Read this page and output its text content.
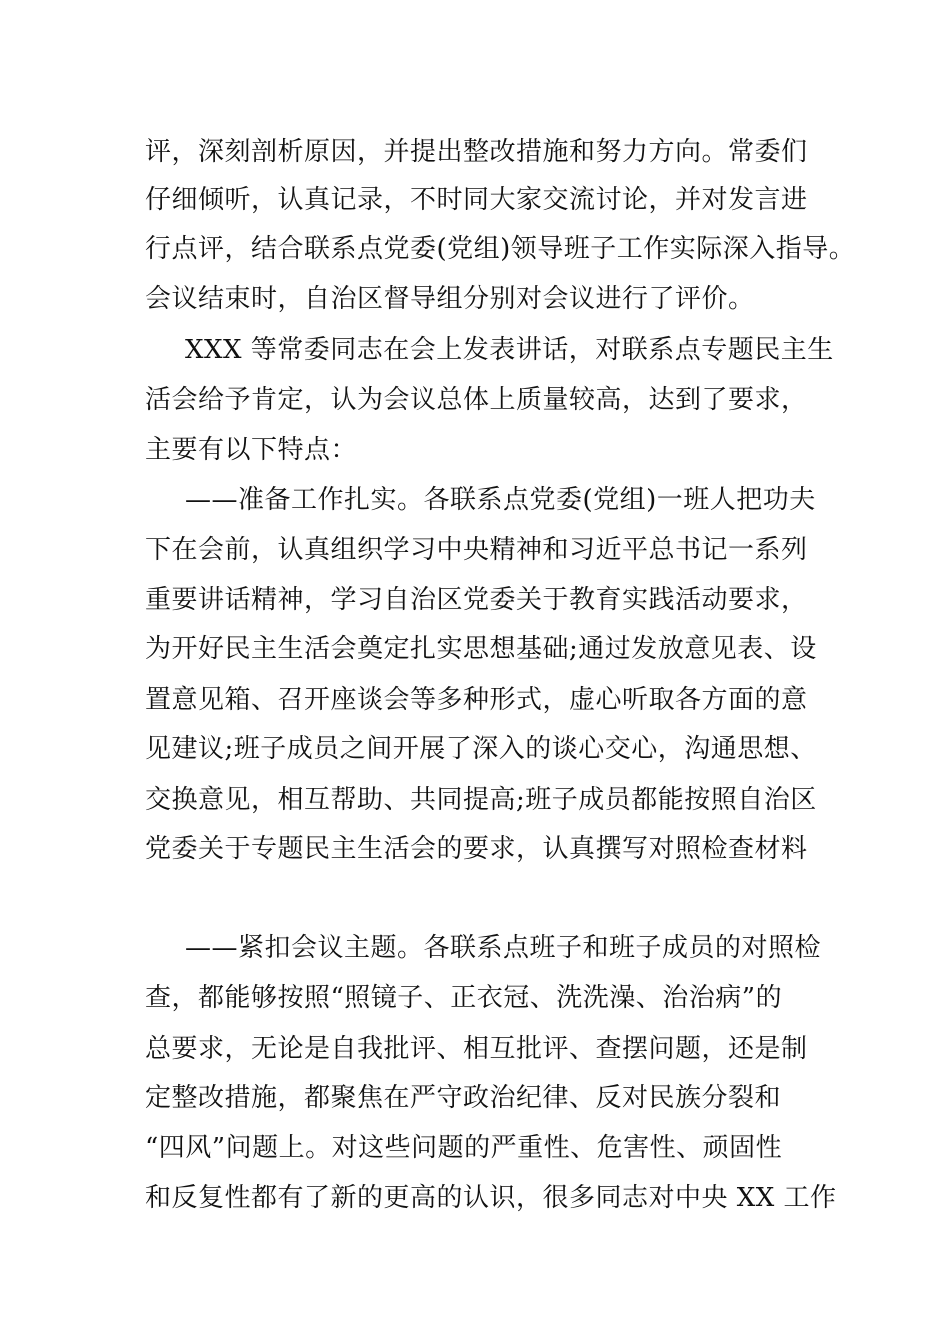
评，深刻剖析原因，并提出整改措施和努力方向。常委们
仔细倾听，认真记录，不时同大家交流讨论，并对发言进
行点评，结合联系点党委(党组)领导班子工作实际深入指导。
会议结束时，自治区督导组分别对会议进行了评价。
XXX 等常委同志在会上发表讲话，对联系点专题民主生
活会给予肯定，认为会议总体上质量较高，达到了要求，
主要有以下特点：
——准备工作扎实。各联系点党委(党组)一班人把功夫
下在会前，认真组织学习中央精神和习近平总书记一系列
重要讲话精神，学习自治区党委关于教育实践活动要求，
为开好民主生活会奠定扎实思想基础;通过发放意见表、设
置意见箱、召开座谈会等多种形式，虚心听取各方面的意
见建议;班子成员之间开展了深入的谈心交心，沟通思想、
交换意见，相互帮助、共同提高;班子成员都能按照自治区
党委关于专题民主生活会的要求，认真撰写对照检查材料
——紧扣会议主题。各联系点班子和班子成员的对照检
查，都能够按照“照镜子、正衣冠、洗洗澡、治治病”的
总要求，无论是自我批评、相互批评、查摆问题，还是制
定整改措施，都聚焦在严守政治纪律、反对民族分裂和
“四风”问题上。对这些问题的严重性、危害性、顽固性
和反复性都有了新的更高的认识，很多同志对中央 XX 工作
